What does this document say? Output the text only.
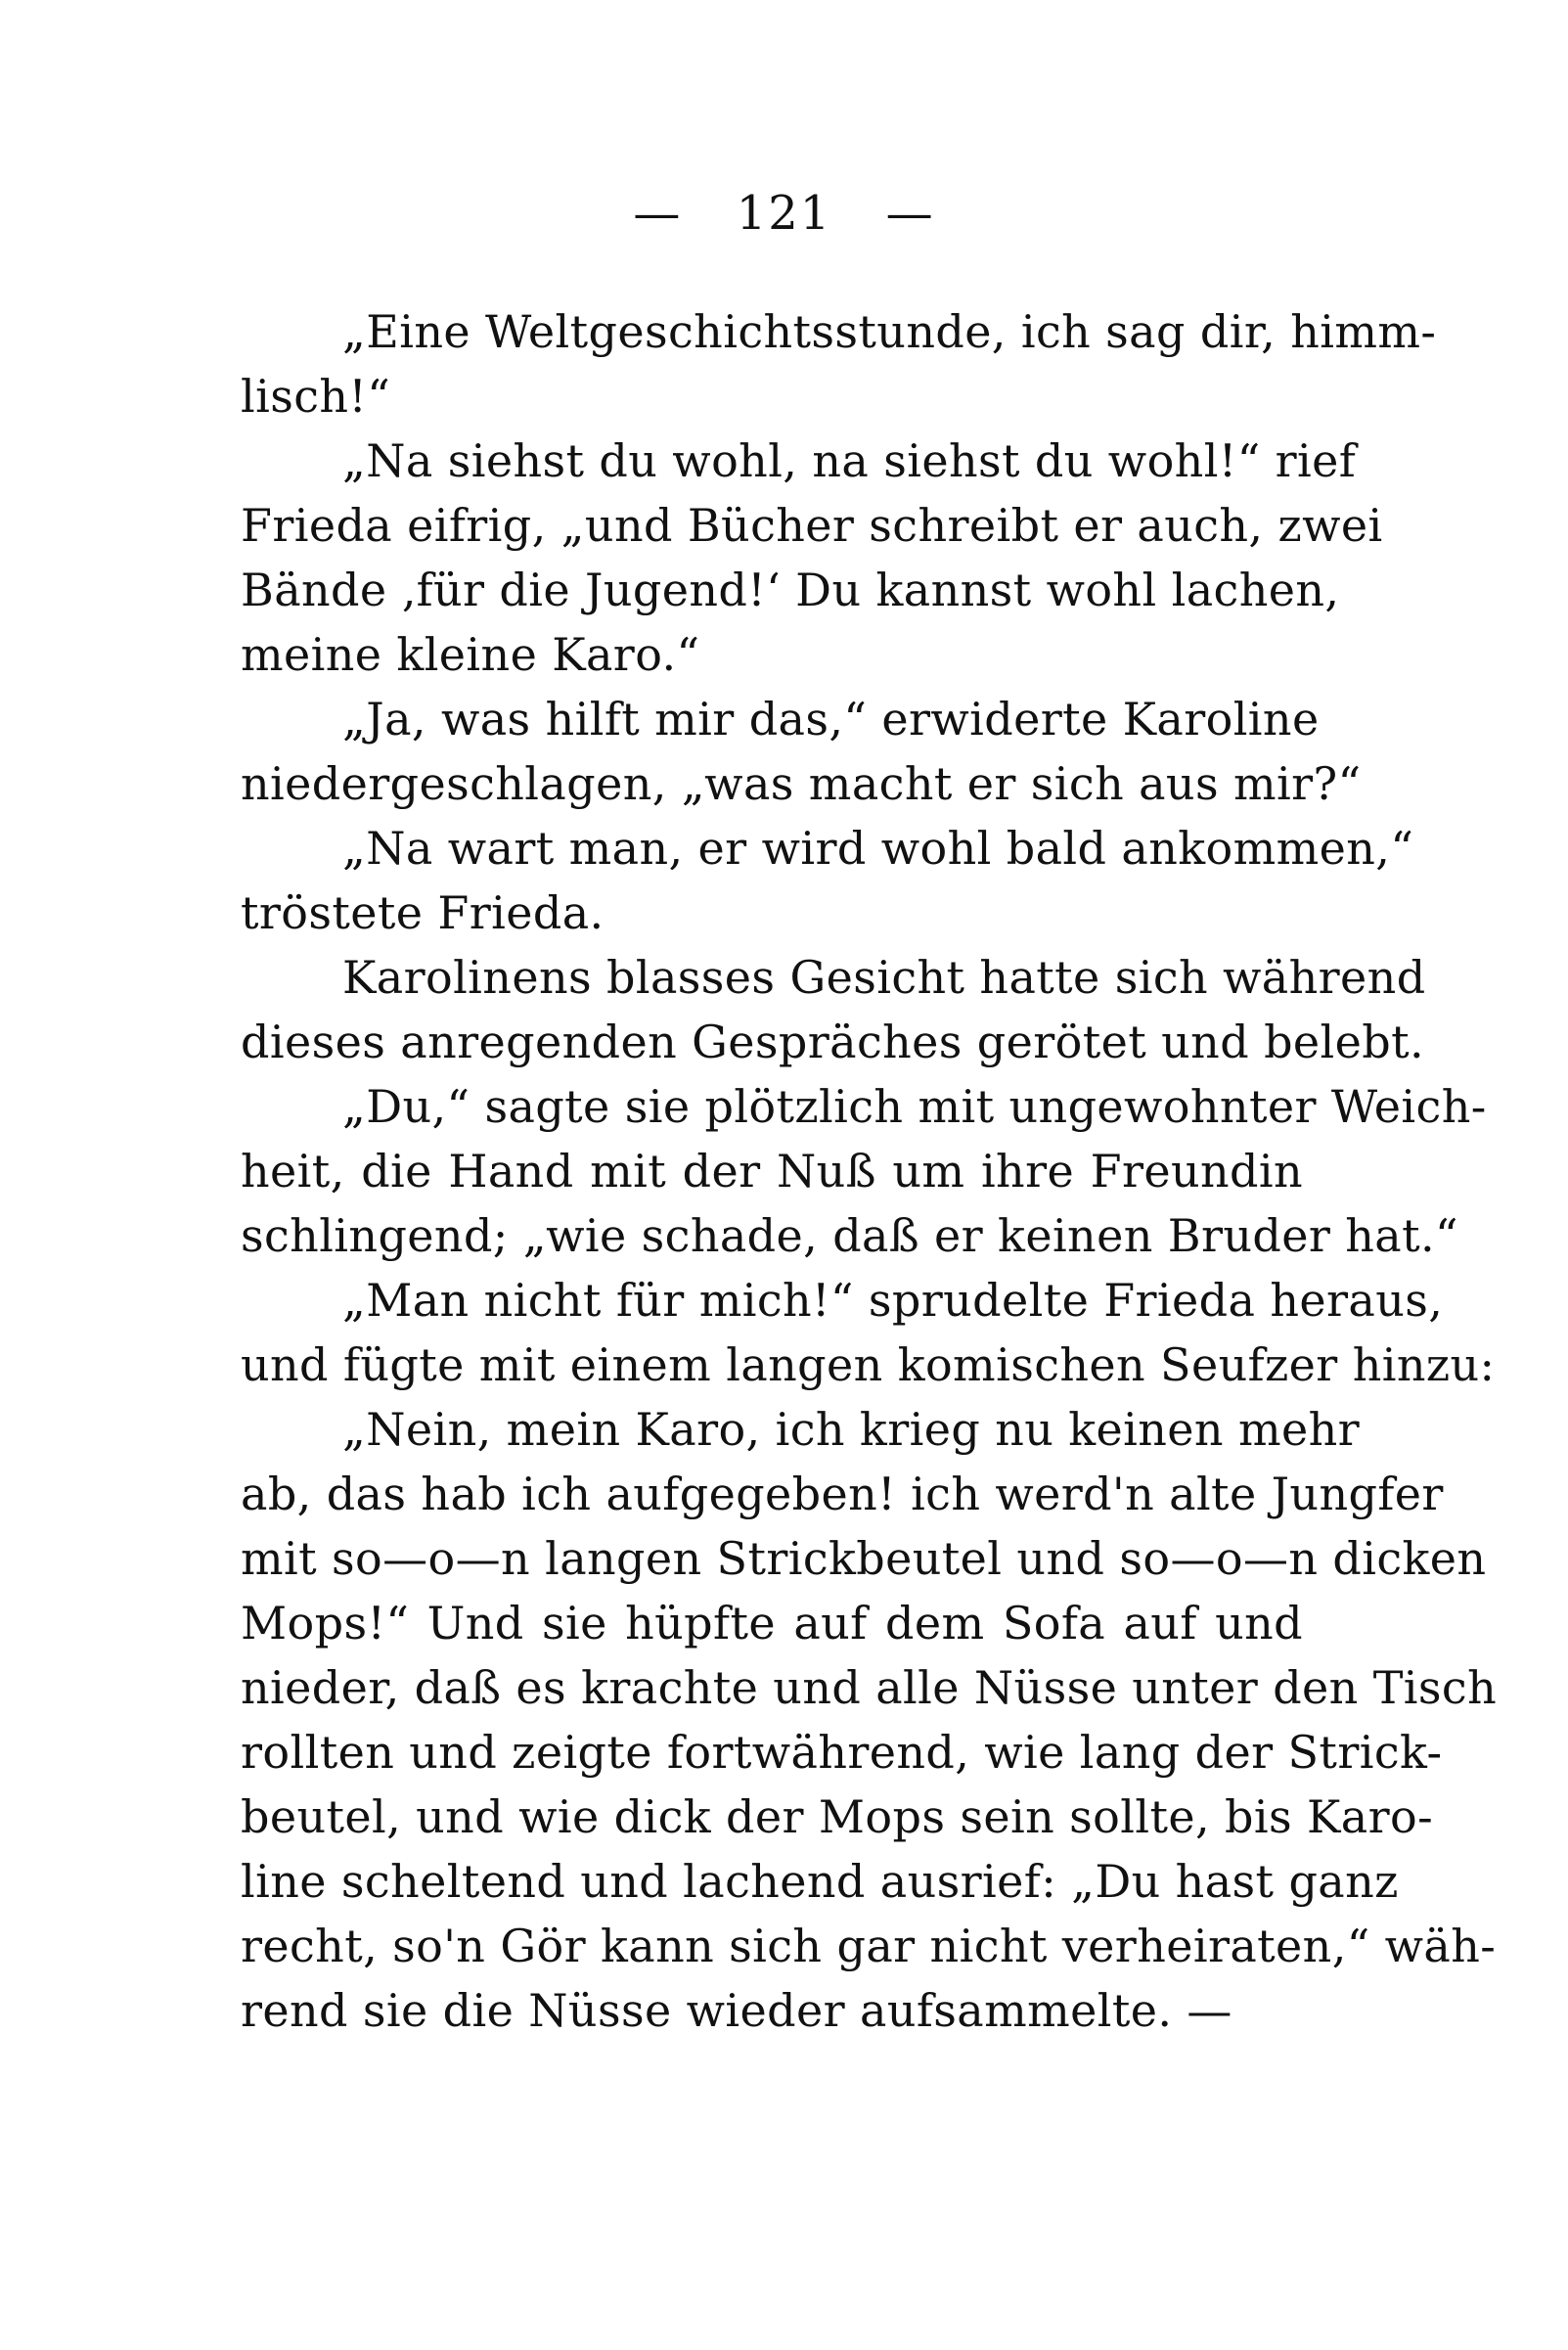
— 121 —
„Eine Weltgeschichtsstunde, ich sag dir, himm-
lisch!“
„Na siehst du wohl, na siehst du wohl!“ rief
Frieda eifrig, „und Bücher schreibt er auch, zwei
Bände ‚für die Jugend!‘ Du kannst wohl lachen,
meine kleine Karo.“
„Ja, was hilft mir das,“ erwiderte Karoline
niedergeschlagen, „was macht er sich aus mir?“
„Na wart man, er wird wohl bald ankommen,“
tröstete Frieda.
Karolinens blasses Gesicht hatte sich während
dieses anregenden Gespräches gerötet und belebt.
„Du,“ sagte sie plötzlich mit ungewohnter Weich-
heit, die Hand mit der Nuß um ihre Freundin
schlingend; „wie schade, daß er keinen Bruder hat.“
„Man nicht für mich!“ sprudelte Frieda heraus,
und fügte mit einem langen komischen Seufzer hinzu:
„Nein, mein Karo, ich krieg nu keinen mehr
ab, das hab ich aufgegeben! ich werd'n alte Jungfer
mit so—o—n langen Strickbeutel und so—o—n dicken
Mops!“ Und sie hüpfte auf dem Sofa auf und
nieder, daß es krachte und alle Nüsse unter den Tisch
rollten und zeigte fortwährend, wie lang der Strick-
beutel, und wie dick der Mops sein sollte, bis Karo-
line scheltend und lachend ausrief: „Du hast ganz
recht, so'n Gör kann sich gar nicht verheiraten,“ wäh-
rend sie die Nüsse wieder aufsammelte. —
